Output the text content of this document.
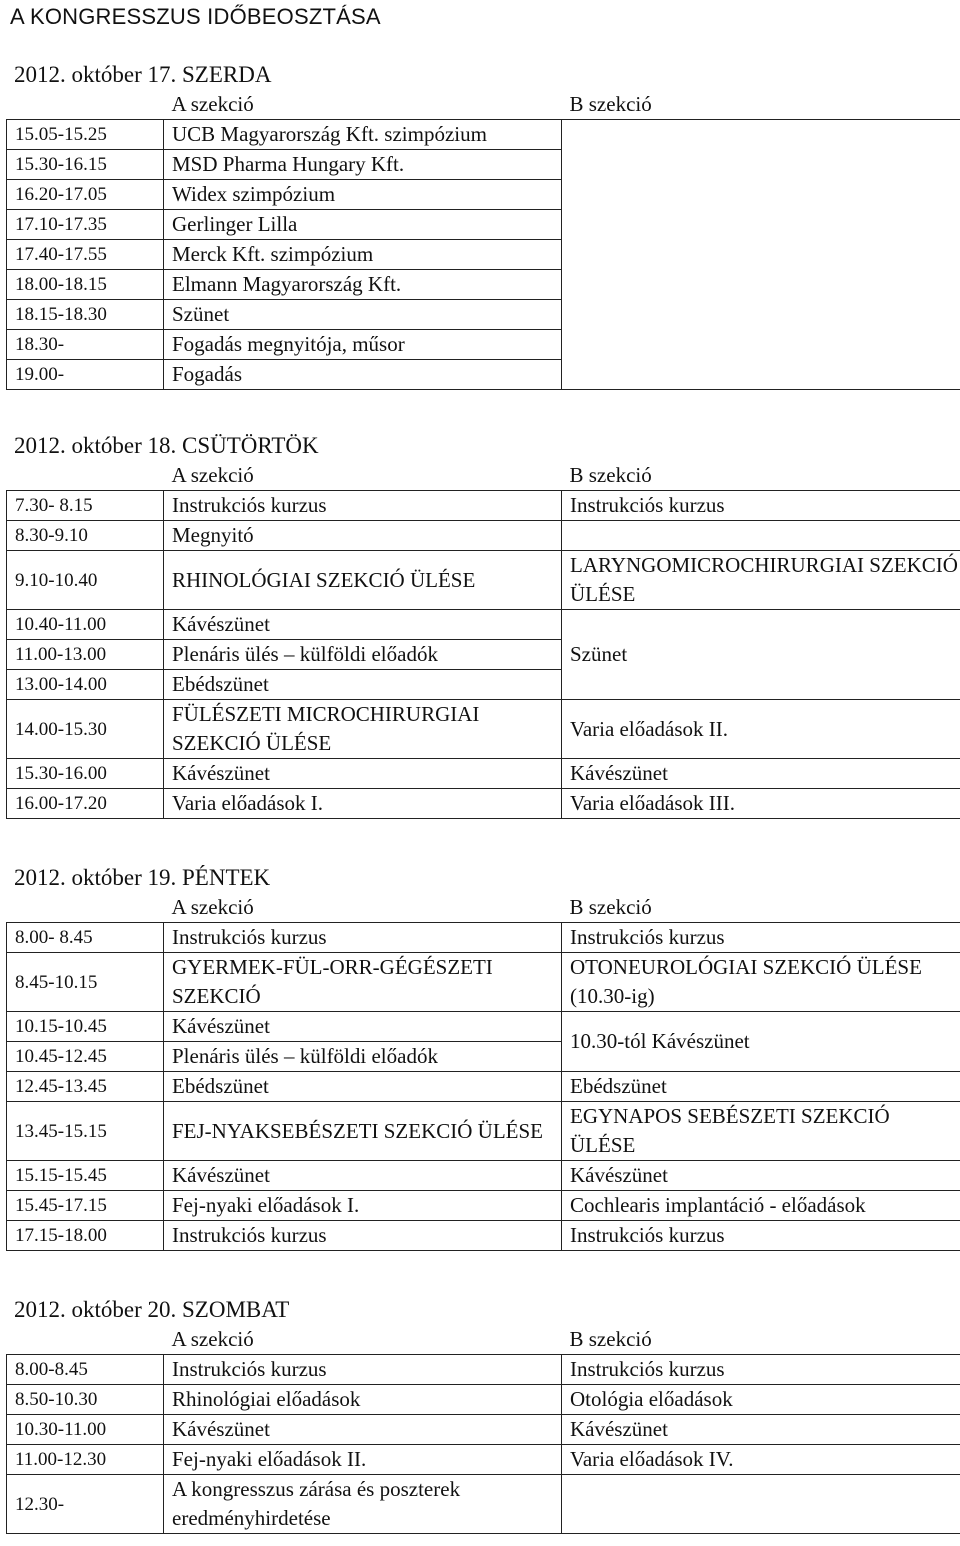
A KONGRESSZUS IDŐBEOSZTÁSA
2012. október 17. SZERDA
	A szekció	B szekció
15.05-15.25	UCB Magyarország Kft. szimpózium	
15.30-16.15	MSD Pharma Hungary Kft.	
16.20-17.05	Widex szimpózium	
17.10-17.35	Gerlinger Lilla	
17.40-17.55	Merck Kft. szimpózium	
18.00-18.15	Elmann Magyarország Kft.	
18.15-18.30	Szünet	
18.30-	Fogadás megnyitója, műsor	
19.00-	Fogadás	
2012. október 18. CSÜTÖRTÖK
	A szekció	B szekció
7.30- 8.15	Instrukciós kurzus	Instrukciós kurzus
8.30-9.10	Megnyitó	
9.10-10.40	RHINOLÓGIAI SZEKCIÓ ÜLÉSE	LARYNGOMICROCHIRURGIAI SZEKCIÓ ÜLÉSE
10.40-11.00	Kávészünet	Szünet
11.00-13.00	Plenáris ülés – külföldi előadók	
13.00-14.00	Ebédszünet	
14.00-15.30	FÜLÉSZETI MICROCHIRURGIAI SZEKCIÓ ÜLÉSE	Varia előadások II.
15.30-16.00	Kávészünet	Kávészünet
16.00-17.20	Varia előadások I.	Varia előadások III.
2012. október 19. PÉNTEK
	A szekció	B szekció
8.00- 8.45	Instrukciós kurzus	Instrukciós kurzus
8.45-10.15	GYERMEK-FÜL-ORR-GÉGÉSZETI SZEKCIÓ	OTONEUROLÓGIAI SZEKCIÓ ÜLÉSE (10.30-ig)
10.15-10.45	Kávészünet	10.30-tól Kávészünet
10.45-12.45	Plenáris ülés – külföldi előadók	
12.45-13.45	Ebédszünet	Ebédszünet
13.45-15.15	FEJ-NYAKSEBÉSZETI SZEKCIÓ ÜLÉSE	EGYNAPOS SEBÉSZETI SZEKCIÓ ÜLÉSE
15.15-15.45	Kávészünet	Kávészünet
15.45-17.15	Fej-nyaki előadások I.	Cochlearis implantáció - előadások
17.15-18.00	Instrukciós kurzus	Instrukciós kurzus
2012. október 20. SZOMBAT
	A szekció	B szekció
8.00-8.45	Instrukciós kurzus	Instrukciós kurzus
8.50-10.30	Rhinológiai előadások	Otológia előadások
10.30-11.00	Kávészünet	Kávészünet
11.00-12.30	Fej-nyaki előadások II.	Varia előadások IV.
12.30-	A kongresszus zárása és poszterek eredményhirdetése	
